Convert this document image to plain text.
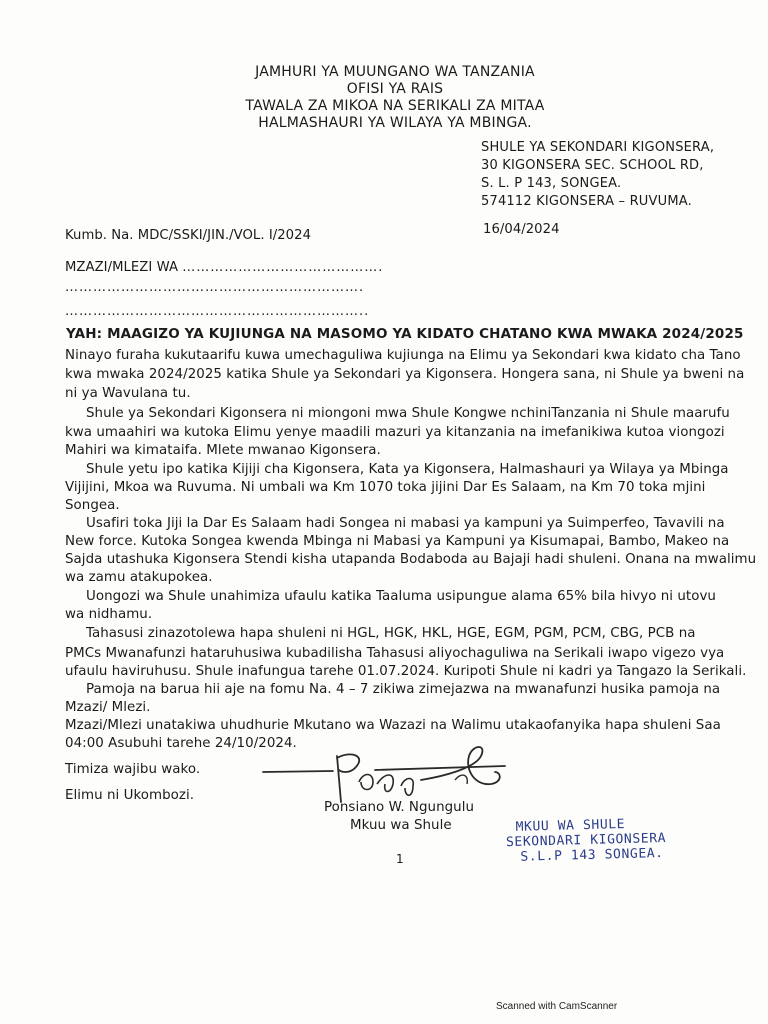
JAMHURI YA MUUNGANO WA TANZANIA
OFISI YA RAIS
TAWALA ZA MIKOA NA SERIKALI ZA MITAA
HALMASHAURI YA WILAYA YA MBINGA.
SHULE YA SEKONDARI KIGONSERA,
30 KIGONSERA SEC. SCHOOL RD,
S. L. P 143, SONGEA.
574112 KIGONSERA – RUVUMA.
Kumb. Na. MDC/SSKI/JIN./VOL. I/2024	16/04/2024
MZAZI/MLEZI WA …………………………………….
……………………………………………………….
………………………………………………………..
YAH: MAAGIZO YA KUJIUNGA NA MASOMO YA KIDATO CHATANO KWA MWAKA 2024/2025
Ninayo furaha kukutaarifu kuwa umechaguliwa kujiunga na Elimu ya Sekondari kwa kidato cha Tano
kwa mwaka 2024/2025 katika Shule ya Sekondari ya Kigonsera. Hongera sana, ni Shule ya bweni na
ni ya Wavulana tu.
Shule ya Sekondari Kigonsera ni miongoni mwa Shule Kongwe nchiniTanzania ni Shule maarufu
kwa umaahiri wa kutoka Elimu yenye maadili mazuri ya kitanzania na imefanikiwa kutoa viongozi
Mahiri wa kimataifa. Mlete mwanao Kigonsera.
Shule yetu ipo katika Kijiji cha Kigonsera, Kata ya Kigonsera, Halmashauri ya Wilaya ya Mbinga
Vijijini, Mkoa wa Ruvuma. Ni umbali wa Km 1070 toka jijini Dar Es Salaam, na Km 70 toka mjini
Songea.
Usafiri toka Jiji la Dar Es Salaam hadi Songea ni mabasi ya kampuni ya Suimperfeo, Tavavili na
New force. Kutoka Songea kwenda Mbinga ni Mabasi ya Kampuni ya Kisumapai, Bambo, Makeo na
Sajda utashuka Kigonsera Stendi kisha utapanda Bodaboda au Bajaji hadi shuleni. Onana na mwalimu
wa zamu atakupokea.
Uongozi wa Shule unahimiza ufaulu katika Taaluma usipungue alama 65% bila hivyo ni utovu
wa nidhamu.
Tahasusi zinazotolewa hapa shuleni ni HGL, HGK, HKL, HGE, EGM, PGM, PCM, CBG, PCB na
PMCs Mwanafunzi hataruhusiwa kubadilisha Tahasusi aliyochaguliwa na Serikali iwapo vigezo vya
ufaulu haviruhusu. Shule inafungua tarehe 01.07.2024. Kuripoti Shule ni kadri ya Tangazo la Serikali.
Pamoja na barua hii aje na fomu Na. 4 – 7 zikiwa zimejazwa na mwanafunzi husika pamoja na
Mzazi/ Mlezi.
Mzazi/Mlezi unatakiwa uhudhurie Mkutano wa Wazazi na Walimu utakaofanyika hapa shuleni Saa
04:00 Asubuhi tarehe 24/10/2024.
Timiza wajibu wako.
Elimu ni Ukombozi.
Ponsiano W. Ngungulu
Mkuu wa Shule	MKUU WA SHULE
SEKONDARI KIGONSERA
S.L.P 143 SONGEA.
1
Scanned with CamScanner
